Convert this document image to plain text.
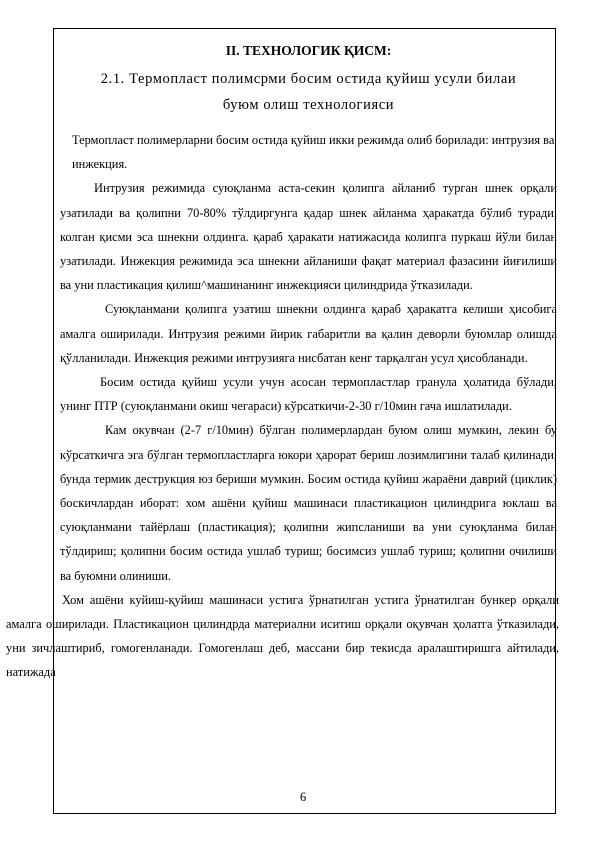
II. ТЕХНОЛОГИК ҚИСМ:

2.1. Термопласт полимсрми босим остида қуйиш усули билаи

буюм олиш технологияси

Термопласт полимерларни босим остида қуйиш икки режимда олиб борилади: интрузия ва инжекция.

Интрузия режимида суюқланма аста-секин қолипга айланиб турган шнек орқали узатилади ва қолипни 70-80% тўлдиргунга қадар шнек айланма ҳаракатда бўлиб туради, колган қисми эса шнекни олдинга. қараб ҳаракати натижасида колипга пуркаш йўли билан узатилади. Инжекция режимида эса шнекни айланиши фақат материал фазасини йиғилиши ва уни пластикация қилиш^машинанинг инжекцияси цилиндрида ўтказилади.

Суюқланмани қолипга узатиш шнекни олдинга қараб ҳаракатга келиши ҳисобига амалга оширилади. Интрузия режими йирик габаритли ва қалин деворли буюмлар олишда қўлланилади. Инжекция режими интрузияга нисбатан кенг тарқалган усул ҳисобланади.

Босим остида қуйиш усули учун асосан термопластлар гранула ҳолатида бўлади, унинг ПТР (суюқланмани окиш чегараси) кўрсаткичи-2-30 г/10мин гача ишлатилади.

Кам окувчан (2-7 г/10мин) бўлган полимерлардан буюм олиш мумкин, лекин бу кўрсаткичга эга бўлган термопластларга юкори ҳарорат бериш лозимлигини талаб қилинади, бунда термик деструкция юз бериши мумкин. Босим остида қуйиш жараёни даврий (циклик) боскичлардан иборат: хом ашёни қуйиш машинаси пластикацион цилиндрига юклаш ва суюқланмани тайёрлаш (пластикация); қолипни жипсланиши ва уни суюқланма билан тўлдириш; қолипни босим остида ушлаб туриш; босимсиз ушлаб туриш; қолипни очилиши ва буюмни олиниши.

Хом ашёни куйиш-қуйиш машинаси устига ўрнатилган устига ўрнатилган бункер орқали амалга оширилади. Пластикацион цилиндрда материални иситиш орқали оқувчан ҳолатга ўтказилади, уни зичлаштириб, гомогенланади. Гомогенлаш деб, массани бир текисда аралаштиришга айтилади, натижада

6
